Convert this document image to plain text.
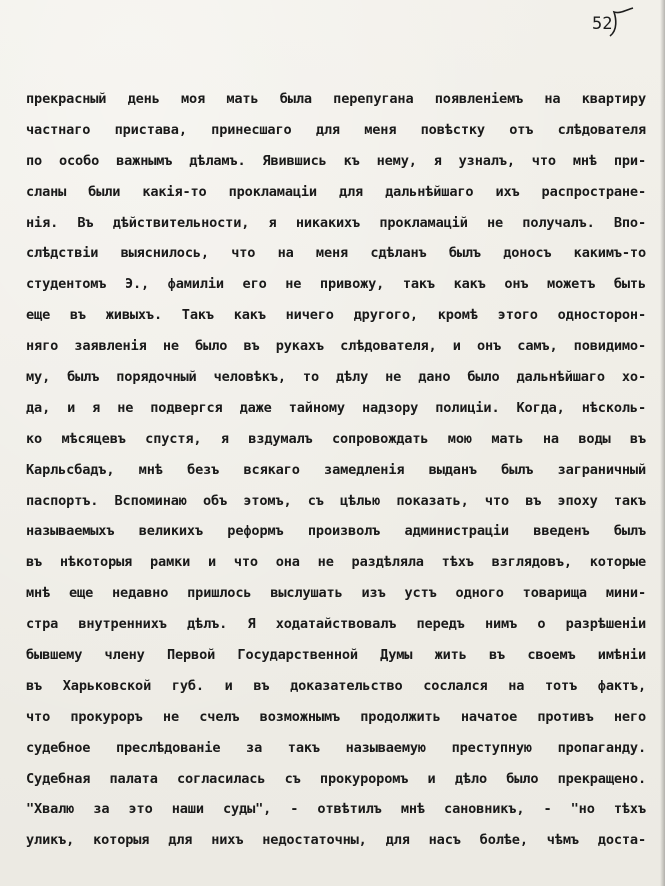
52
прекрасный день моя мать была перепугана появленіемъ на квартиру
частнаго пристава, принесшаго для меня повѣстку отъ слѣдователя
по особо важнымъ дѣламъ. Явившись къ нему, я узналъ, что мнѣ при-
сланы были какія-то прокламаціи для дальнѣйшаго ихъ распростране-
нія. Въ дѣйствительности, я никакихъ прокламацій не получалъ. Впо-
слѣдствіи выяснилось, что на меня сдѣланъ былъ доносъ какимъ-то
студентомъ Э., фамиліи его не привожу, такъ какъ онъ можетъ быть
еще въ живыхъ. Такъ какъ ничего другого, кромѣ этого односторон-
няго заявленія не было въ рукахъ слѣдователя, и онъ самъ, повидимо-
му, былъ порядочный человѣкъ, то дѣлу не дано было дальнѣйшаго хо-
да, и я не подвергся даже тайному надзору полиціи. Когда, нѣсколь-
ко мѣсяцевъ спустя, я вздумалъ сопровождать мою мать на воды въ
Карльсбадъ, мнѣ безъ всякаго замедленія выданъ былъ заграничный
паспортъ. Вспоминаю объ этомъ, съ цѣлью показать, что въ эпоху такъ
называемыхъ великихъ реформъ произволъ администраціи введенъ былъ
въ нѣкоторыя рамки и что она не раздѣляла тѣхъ взглядовъ, которые
мнѣ еще недавно пришлось выслушать изъ устъ одного товарища мини-
стра внутреннихъ дѣлъ. Я ходатайствовалъ передъ нимъ о разрѣшеніи
бывшему члену Первой Государственной Думы жить въ своемъ имѣніи
въ Харьковской губ. и въ доказательство сослался на тотъ фактъ,
что прокуроръ не счелъ возможнымъ продолжить начатое противъ него
судебное преслѣдованіе за такъ называемую преступную пропаганду.
Судебная палата согласилась съ прокуроромъ и дѣло было прекращено.
"Хвалю за это наши суды", - отвѣтилъ мнѣ сановникъ, - "но тѣхъ
уликъ, которыя для нихъ недостаточны, для насъ болѣе, чѣмъ доста-
